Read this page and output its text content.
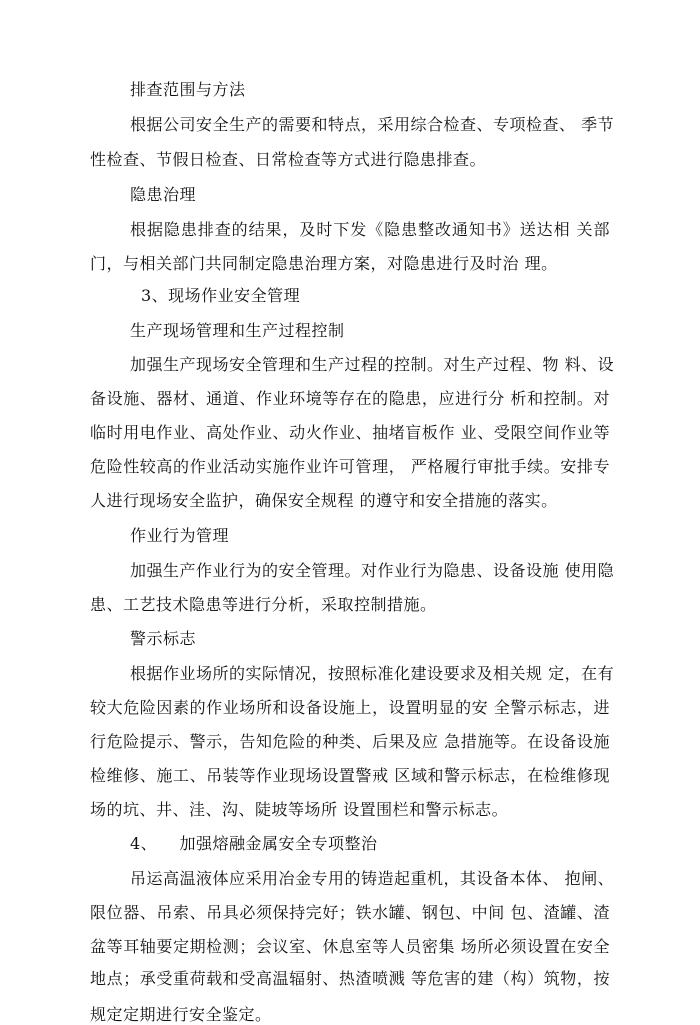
排查范围与方法
根据公司安全生产的需要和特点，采用综合检查、专项检查、 季节
性检查、节假日检查、日常检查等方式进行隐患排查。
隐患治理
根据隐患排查的结果，及时下发《隐患整改通知书》送达相 关部
门，与相关部门共同制定隐患治理方案，对隐患进行及时治 理。
3、现场作业安全管理
生产现场管理和生产过程控制
加强生产现场安全管理和生产过程的控制。对生产过程、物 料、设
备设施、器材、通道、作业环境等存在的隐患，应进行分 析和控制。对
临时用电作业、高处作业、动火作业、抽堵盲板作 业、受限空间作业等
危险性较高的作业活动实施作业许可管理， 严格履行审批手续。安排专
人进行现场安全监护，确保安全规程 的遵守和安全措施的落实。
作业行为管理
加强生产作业行为的安全管理。对作业行为隐患、设备设施 使用隐
患、工艺技术隐患等进行分析，采取控制措施。
警示标志
根据作业场所的实际情况，按照标准化建设要求及相关规 定，在有
较大危险因素的作业场所和设备设施上，设置明显的安 全警示标志，进
行危险提示、警示，告知危险的种类、后果及应 急措施等。在设备设施
检维修、施工、吊装等作业现场设置警戒 区域和警示标志，在检维修现
场的坑、井、洼、沟、陡坡等场所 设置围栏和警示标志。
4、    加强熔融金属安全专项整治
吊运高温液体应采用冶金专用的铸造起重机，其设备本体、 抱闸、
限位器、吊索、吊具必须保持完好；铁水罐、钢包、中间 包、渣罐、渣
盆等耳轴要定期检测；会议室、休息室等人员密集 场所必须设置在安全
地点；承受重荷载和受高温辐射、热渣喷溅 等危害的建（构）筑物，按
规定定期进行安全鉴定。
